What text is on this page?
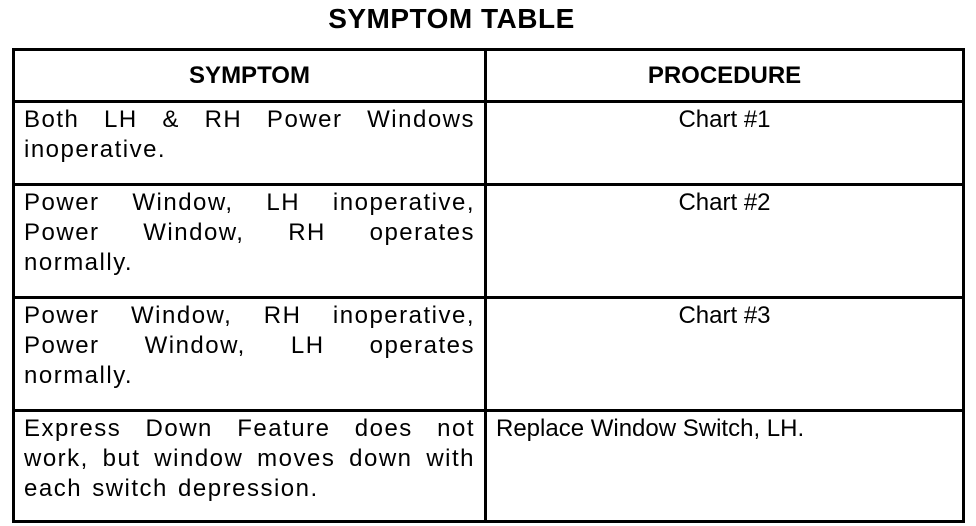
SYMPTOM TABLE
SYMPTOM	PROCEDURE
Both LH & RH Power Windows inoperative.	Chart #1
Power Window, LH inoperative, Power Window, RH operates normally.	Chart #2
Power Window, RH inoperative, Power Window, LH operates normally.	Chart #3
Express Down Feature does not work, but window moves down with each switch depression.	Replace Window Switch, LH.
